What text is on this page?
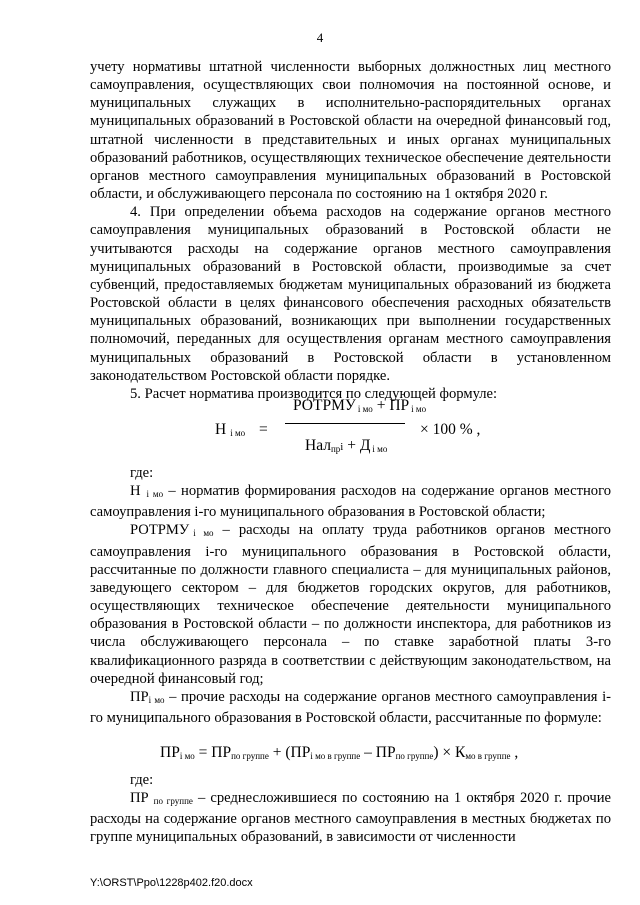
4

учету нормативы штатной численности выборных должностных лиц местного самоуправления, осуществляющих свои полномочия на постоянной основе, и муниципальных служащих в исполнительно-распорядительных органах муниципальных образований в Ростовской области на очередной финансовый год, штатной численности в представительных и иных органах муниципальных образований работников, осуществляющих техническое обеспечение деятельности органов местного самоуправления муниципальных образований в Ростовской области, и обслуживающего персонала по состоянию на 1 октября 2020 г.

4. При определении объема расходов на содержание органов местного самоуправления муниципальных образований в Ростовской области не учитываются расходы на содержание органов местного самоуправления муниципальных образований в Ростовской области, производимые за счет субвенций, предоставляемых бюджетам муниципальных образований из бюджета Ростовской области в целях финансового обеспечения расходных обязательств муниципальных образований, возникающих при выполнении государственных полномочий, переданных для осуществления органам местного самоуправления муниципальных образований в Ростовской области в установленном законодательством Ростовской области порядке.

5. Расчет норматива производится по следующей формуле:

Н $_{i мо}$ =
РОТРМУ $_{i мо}$ + ПР $_{i мо}$
Нал$_{пр}$i + Д $_{i мо}$
× 100 % ,

где:

Н $_{i мо}$ – норматив формирования расходов на содержание органов местного самоуправления i-го муниципального образования в Ростовской области;

РОТРМУ $_{i мо}$ – расходы на оплату труда работников органов местного самоуправления i-го муниципального образования в Ростовской области, рассчитанные по должности главного специалиста – для муниципальных районов, заведующего сектором – для бюджетов городских округов, для работников, осуществляющих техническое обеспечение деятельности муниципального образования в Ростовской области – по должности инспектора, для работников из числа обслуживающего персонала – по ставке заработной платы 3-го квалификационного разряда в соответствии с действующим законодательством, на очередной финансовый год;

$ПР_{i мо}$ – прочие расходы на содержание органов местного самоуправления i-го муниципального образования в Ростовской области, рассчитанные по формуле:

$ПР_{i мо} = ПР_{по группе} + (ПР_{i мо в группе} - ПР_{по группе}) \times К_{мо в группе}$ ,

где:

ПР $_{по группе}$ – среднесложившиеся по состоянию на 1 октября 2020 г. прочие расходы на содержание органов местного самоуправления в местных бюджетах по группе муниципальных образований, в зависимости от численности

Y:\ORST\Ppo\1228p402.f20.docx
